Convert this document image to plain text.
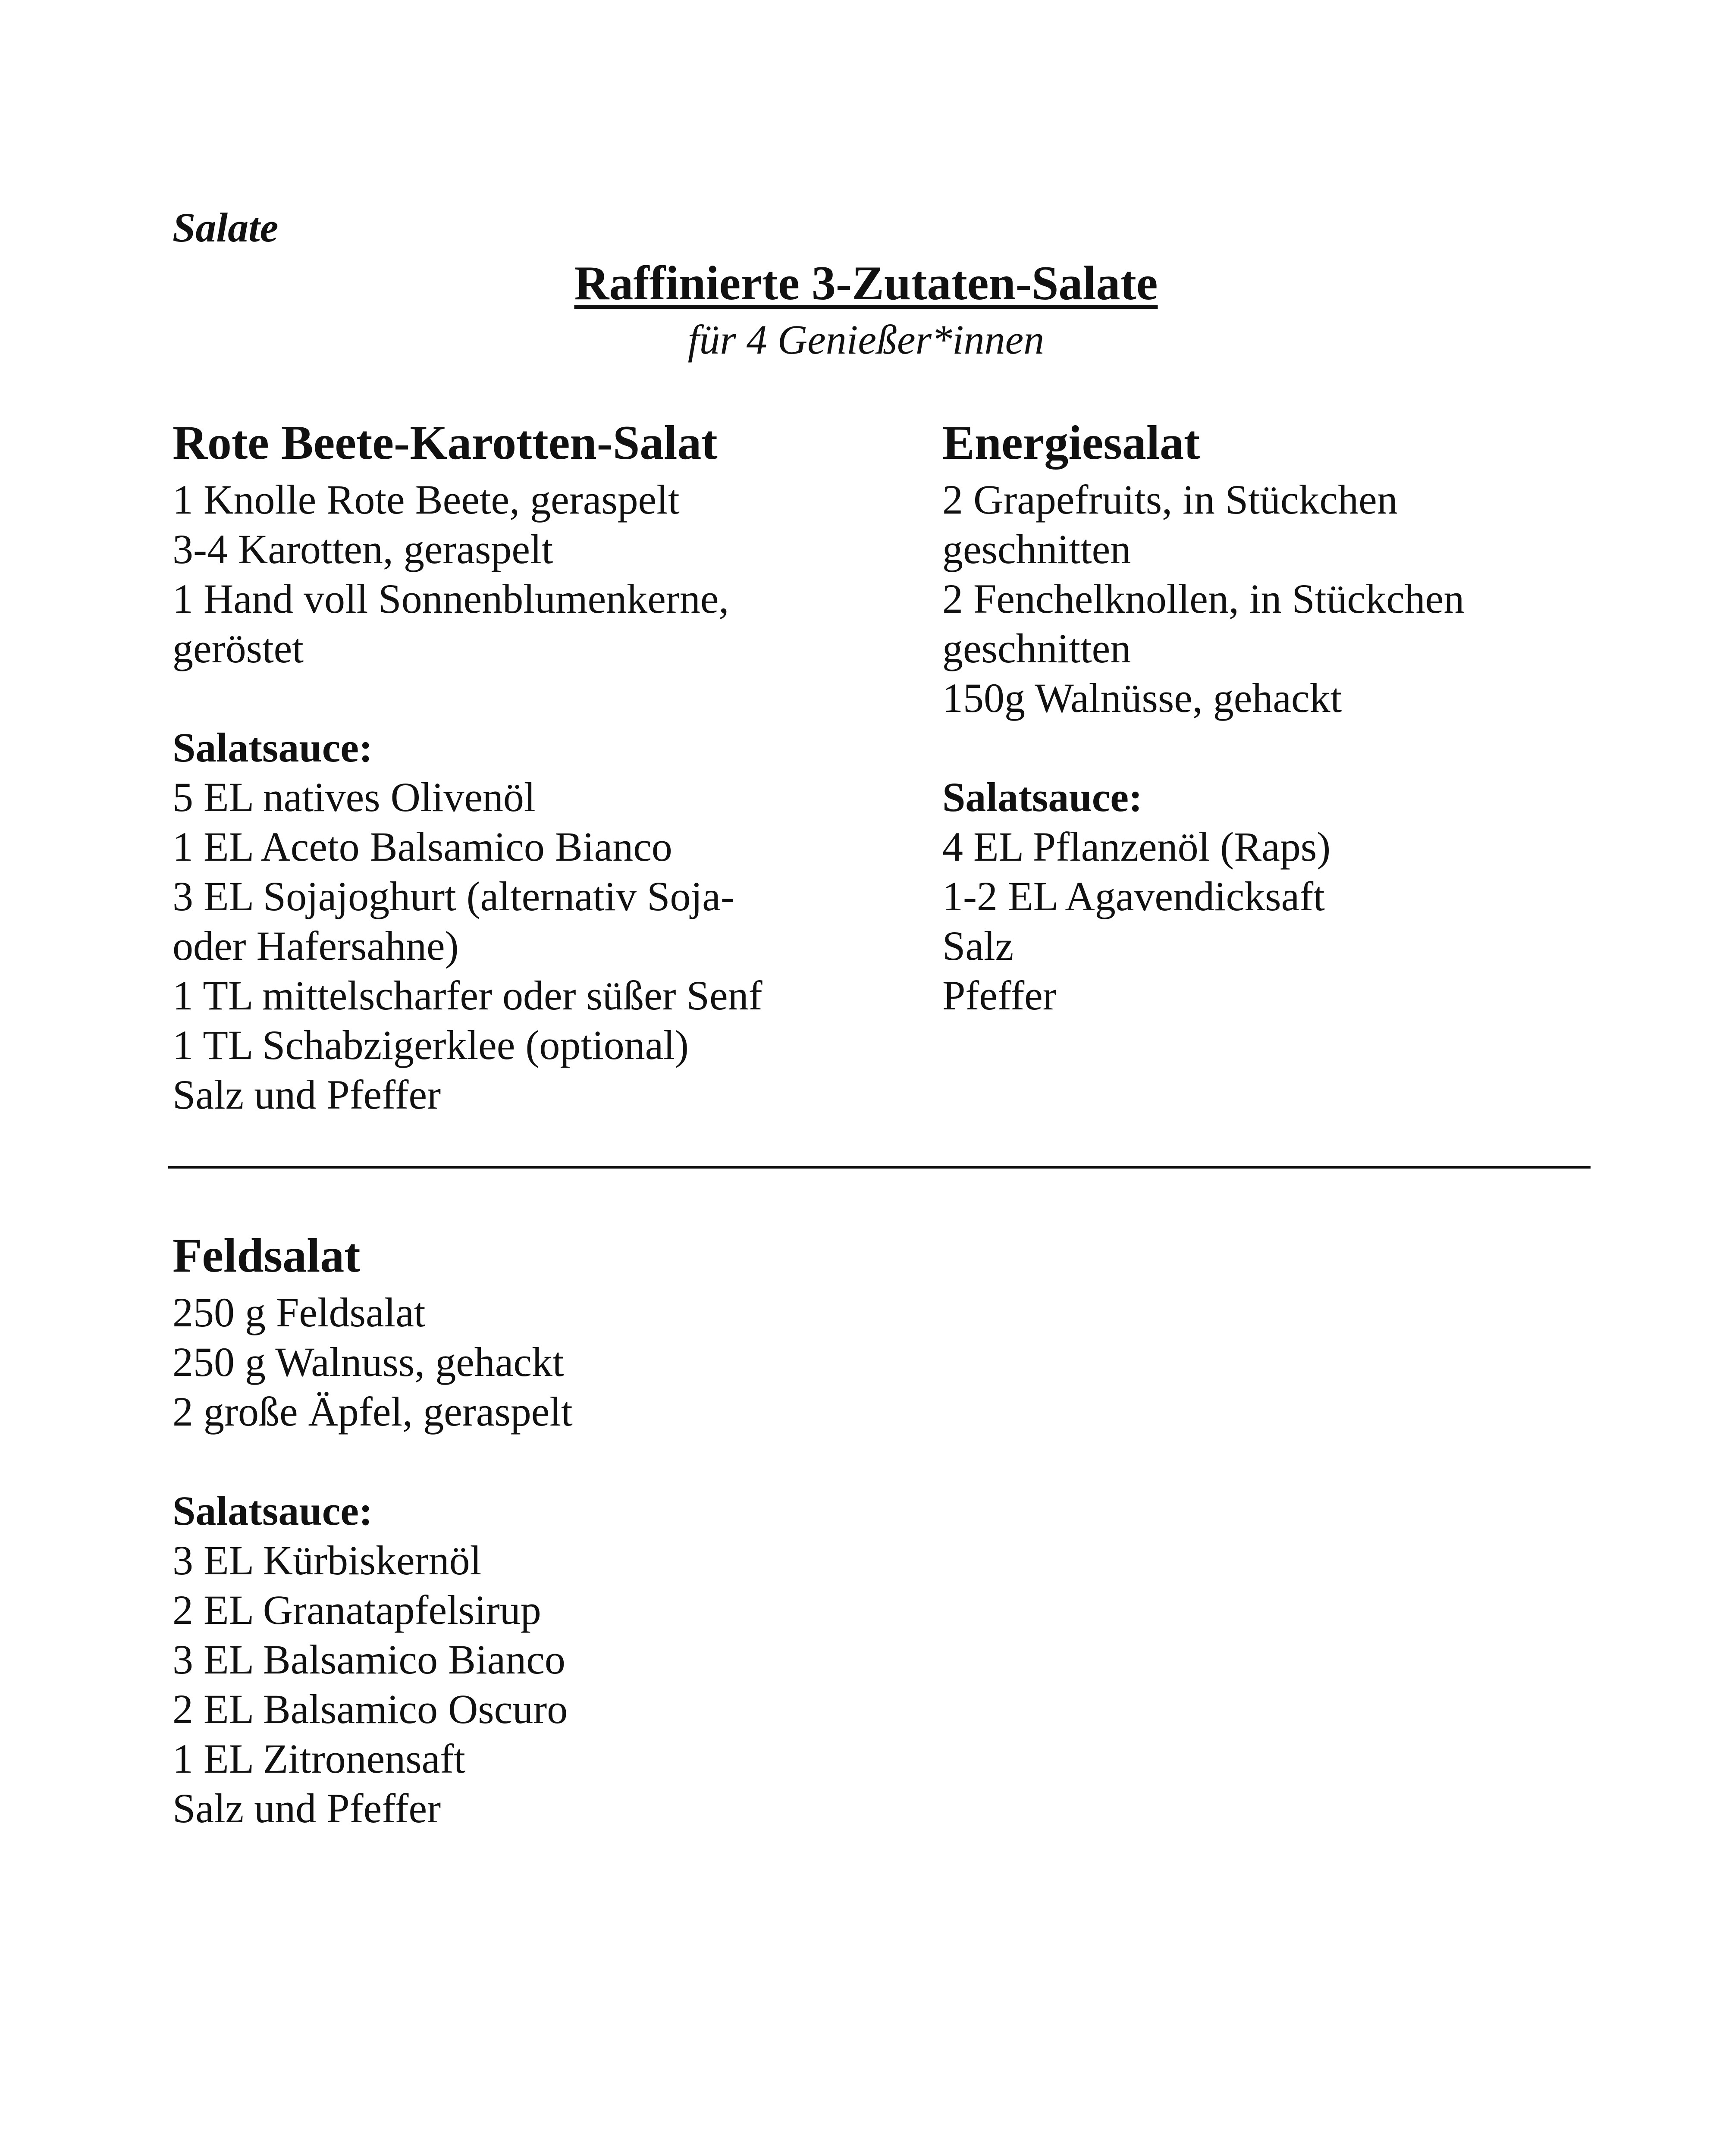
Salate
Raffinierte 3-Zutaten-Salate
für 4 Genießer*innen
Rote Beete-Karotten-Salat
1 Knolle Rote Beete, geraspelt
3-4 Karotten, geraspelt
1 Hand voll Sonnenblumenkerne,
geröstet
Salatsauce:
5 EL natives Olivenöl
1 EL Aceto Balsamico Bianco
3 EL Sojajoghurt (alternativ Soja-
oder Hafersahne)
1 TL mittelscharfer oder süßer Senf
1 TL Schabzigerklee (optional)
Salz und Pfeffer
Energiesalat
2 Grapefruits, in Stückchen
geschnitten
2 Fenchelknollen, in Stückchen
geschnitten
150g Walnüsse, gehackt
Salatsauce:
4 EL Pflanzenöl (Raps)
1-2 EL Agavendicksaft
Salz
Pfeffer
Feldsalat
250 g Feldsalat
250 g Walnuss, gehackt
2 große Äpfel, geraspelt
Salatsauce:
3 EL Kürbiskernöl
2 EL Granatapfelsirup
3 EL Balsamico Bianco
2 EL Balsamico Oscuro
1 EL Zitronensaft
Salz und Pfeffer
